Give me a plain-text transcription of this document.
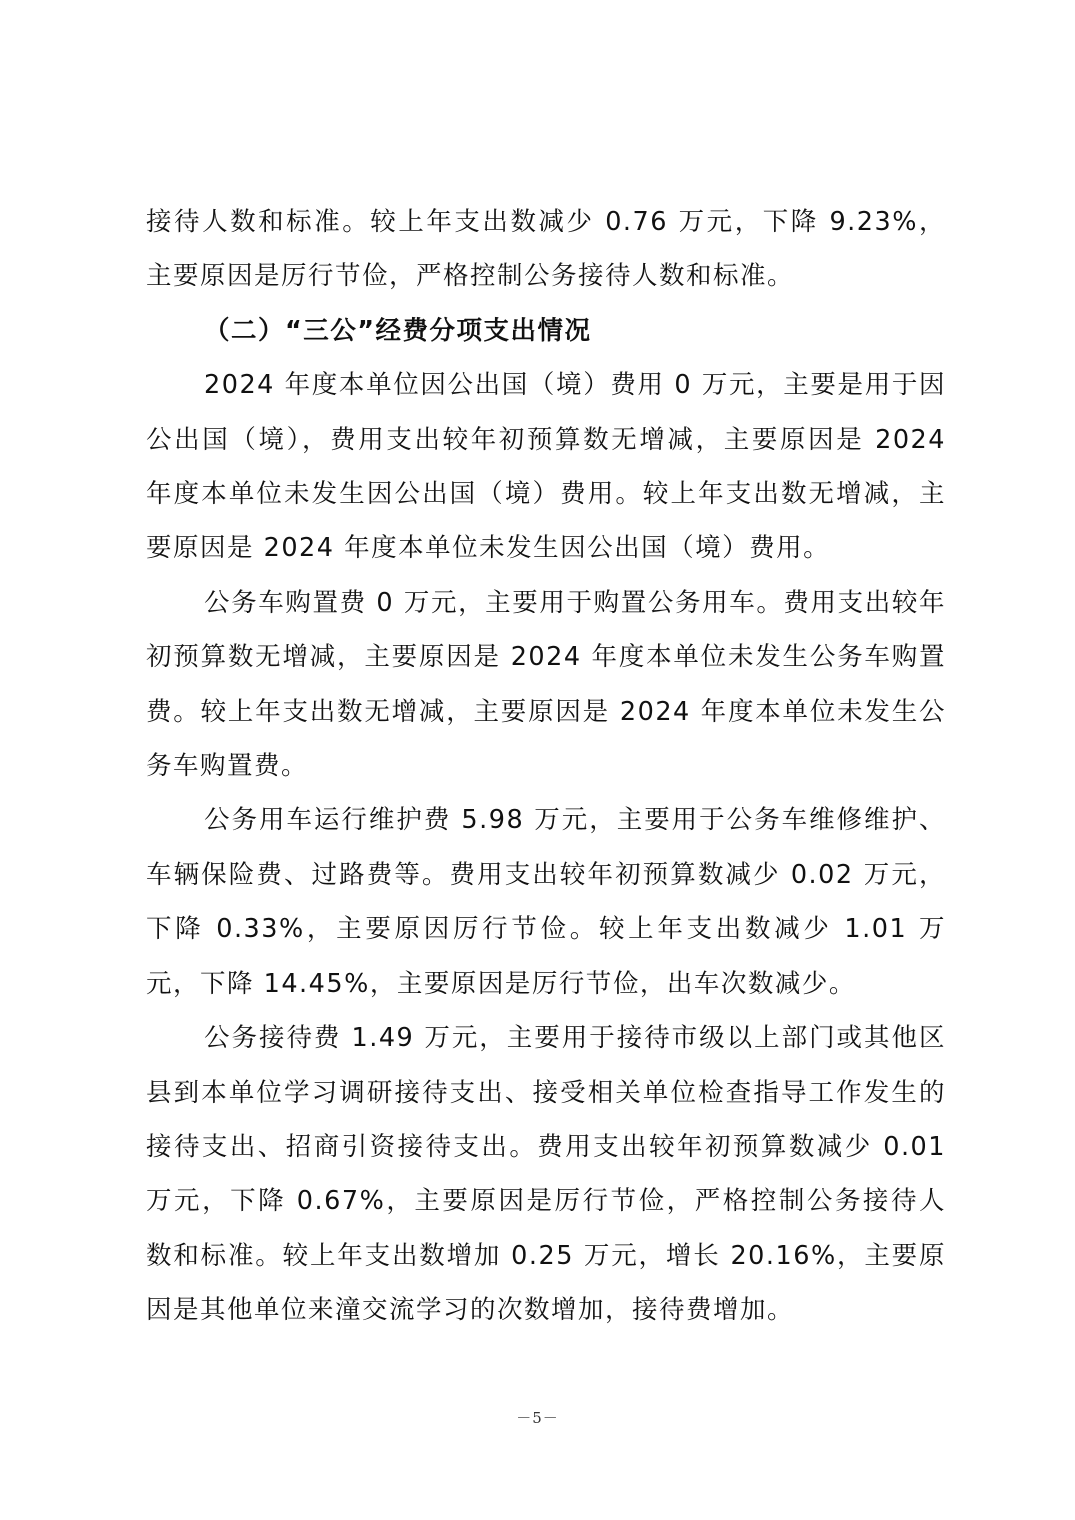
接待人数和标准。较上年支出数减少 0.76 万元，下降 9.23%，主要原因是厉行节俭，严格控制公务接待人数和标准。

（二）“三公”经费分项支出情况

2024 年度本单位因公出国（境）费用 0 万元，主要是用于因公出国（境），费用支出较年初预算数无增减，主要原因是 2024 年度本单位未发生因公出国（境）费用。较上年支出数无增减，主要原因是 2024 年度本单位未发生因公出国（境）费用。

公务车购置费 0 万元，主要用于购置公务用车。费用支出较年初预算数无增减，主要原因是 2024 年度本单位未发生公务车购置费。较上年支出数无增减，主要原因是 2024 年度本单位未发生公务车购置费。

公务用车运行维护费 5.98 万元，主要用于公务车维修维护、车辆保险费、过路费等。费用支出较年初预算数减少 0.02 万元，下降 0.33%，主要原因厉行节俭。较上年支出数减少 1.01 万元，下降 14.45%，主要原因是厉行节俭，出车次数减少。

公务接待费 1.49 万元，主要用于接待市级以上部门或其他区县到本单位学习调研接待支出、接受相关单位检查指导工作发生的接待支出、招商引资接待支出。费用支出较年初预算数减少 0.01 万元，下降 0.67%，主要原因是厉行节俭，严格控制公务接待人数和标准。较上年支出数增加 0.25 万元，增长 20.16%，主要原因是其他单位来潼交流学习的次数增加，接待费增加。

－5－
